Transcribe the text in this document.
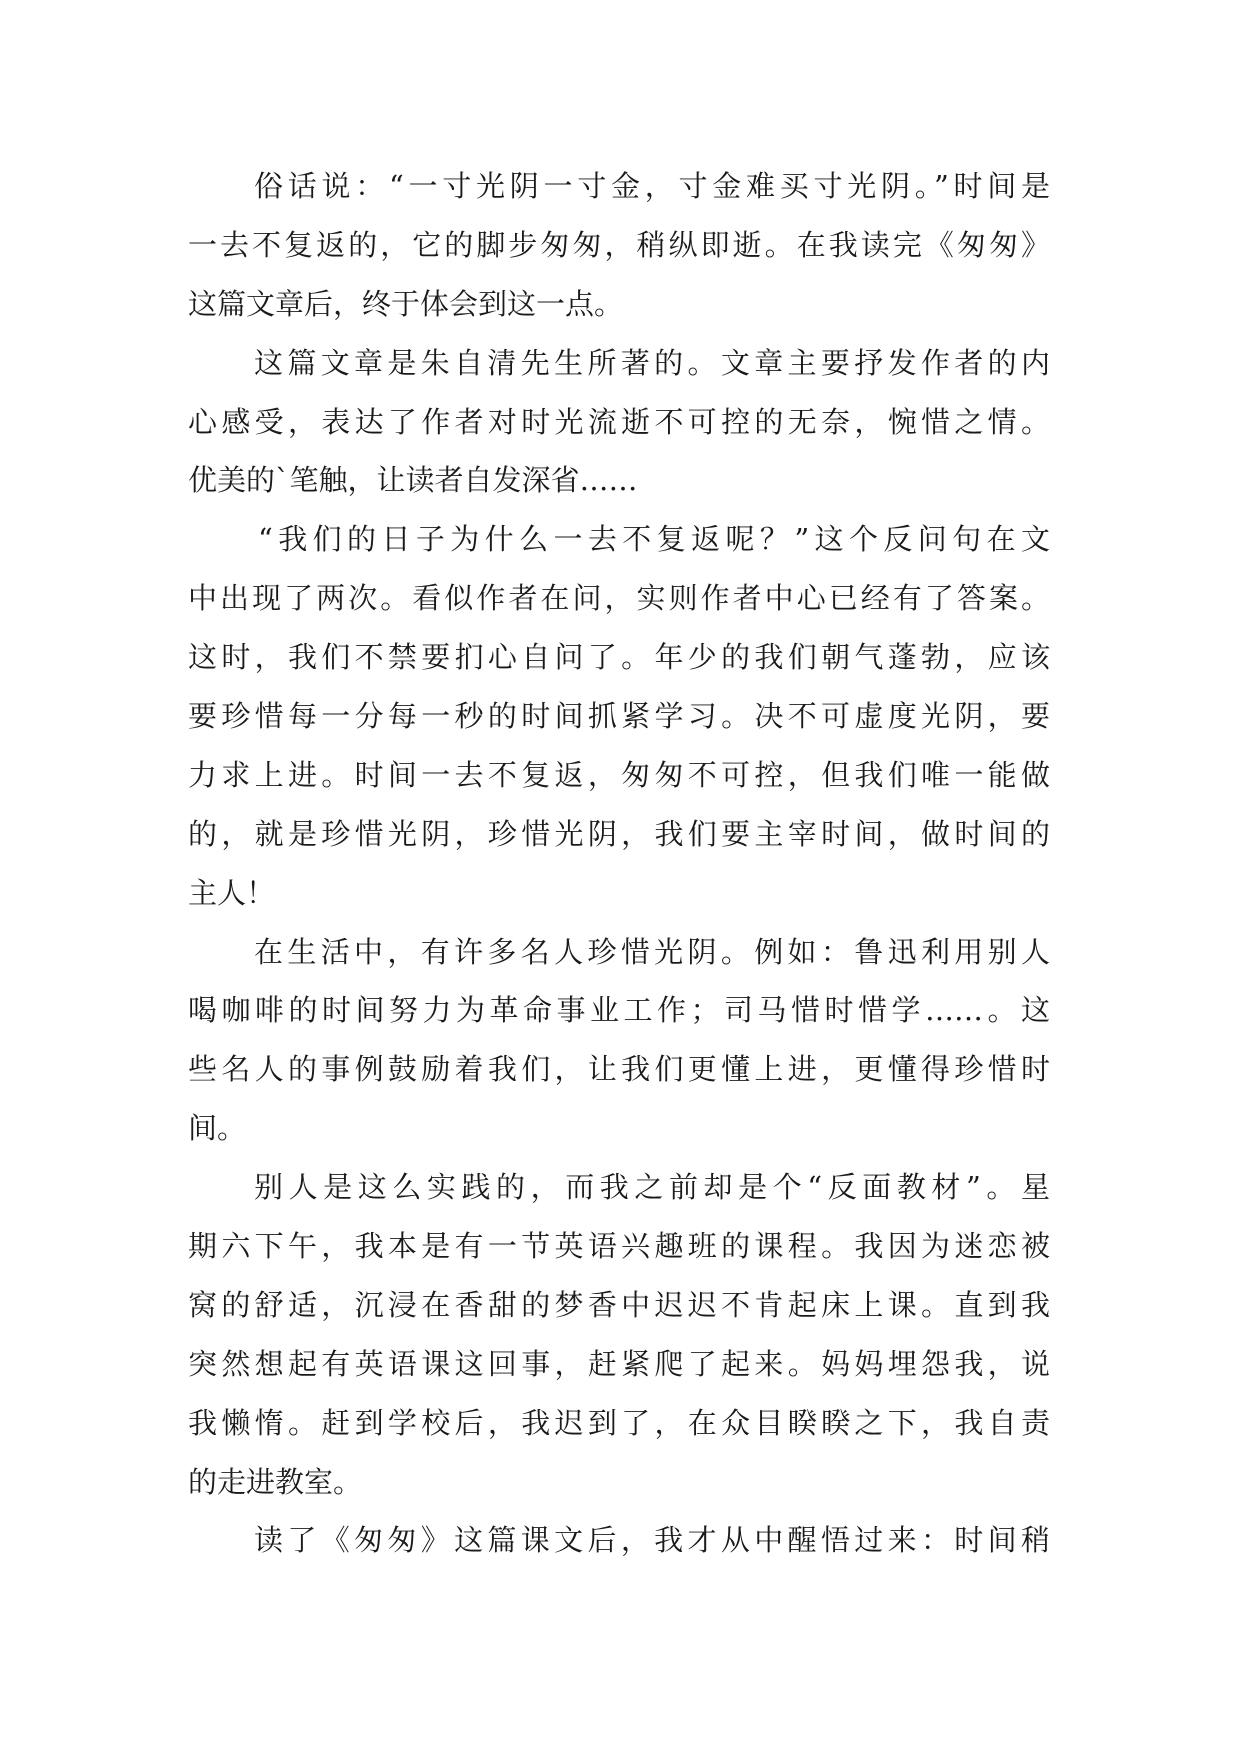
俗话说：“一寸光阴一寸金，寸金难买寸光阴。”时间是
一去不复返的，它的脚步匆匆，稍纵即逝。在我读完《匆匆》
这篇文章后，终于体会到这一点。
这篇文章是朱自清先生所著的。文章主要抒发作者的内
心感受，表达了作者对时光流逝不可控的无奈，惋惜之情。
优美的`笔触，让读者自发深省……
“我们的日子为什么一去不复返呢？”这个反问句在文
中出现了两次。看似作者在问，实则作者中心已经有了答案。
这时，我们不禁要扪心自问了。年少的我们朝气蓬勃，应该
要珍惜每一分每一秒的时间抓紧学习。决不可虚度光阴，要
力求上进。时间一去不复返，匆匆不可控，但我们唯一能做
的，就是珍惜光阴，珍惜光阴，我们要主宰时间，做时间的
主人！
在生活中，有许多名人珍惜光阴。例如：鲁迅利用别人
喝咖啡的时间努力为革命事业工作；司马惜时惜学……。这
些名人的事例鼓励着我们，让我们更懂上进，更懂得珍惜时
间。
别人是这么实践的，而我之前却是个“反面教材”。星
期六下午，我本是有一节英语兴趣班的课程。我因为迷恋被
窝的舒适，沉浸在香甜的梦香中迟迟不肯起床上课。直到我
突然想起有英语课这回事，赶紧爬了起来。妈妈埋怨我，说
我懒惰。赶到学校后，我迟到了，在众目睽睽之下，我自责
的走进教室。
读了《匆匆》这篇课文后，我才从中醒悟过来：时间稍
